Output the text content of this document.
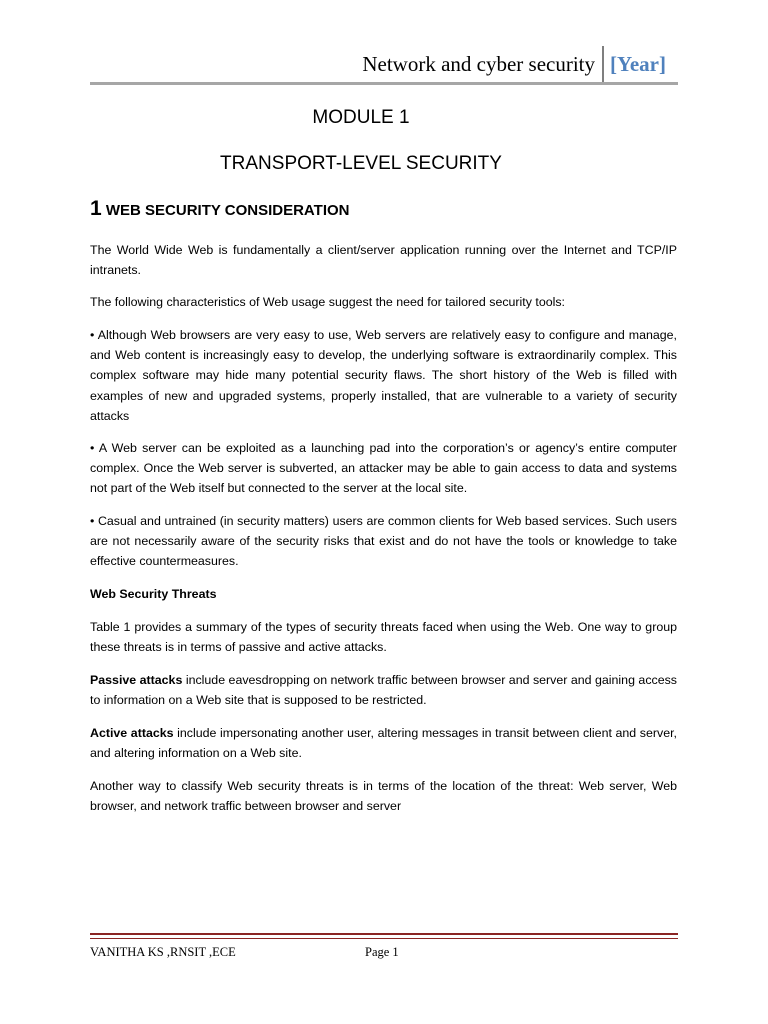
Network and cyber security [Year]
MODULE 1
TRANSPORT-LEVEL SECURITY
1 WEB SECURITY CONSIDERATION

The World Wide Web is fundamentally a client/server application running over the Internet and TCP/IP intranets.

The following characteristics of Web usage suggest the need for tailored security tools:

• Although Web browsers are very easy to use, Web servers are relatively easy to configure and manage, and Web content is increasingly easy to develop, the underlying software is extraordinarily complex. This complex software may hide many potential security flaws. The short history of the Web is filled with examples of new and upgraded systems, properly installed, that are vulnerable to a variety of security attacks

• A Web server can be exploited as a launching pad into the corporation’s or agency’s entire computer complex. Once the Web server is subverted, an attacker may be able to gain access to data and systems not part of the Web itself but connected to the server at the local site.

• Casual and untrained (in security matters) users are common clients for Web based services. Such users are not necessarily aware of the security risks that exist and do not have the tools or knowledge to take effective countermeasures.

Web Security Threats

Table 1 provides a summary of the types of security threats faced when using the Web. One way to group these threats is in terms of passive and active attacks.

Passive attacks include eavesdropping on network traffic between browser and server and gaining access to information on a Web site that is supposed to be restricted.

Active attacks include impersonating another user, altering messages in transit between client and server, and altering information on a Web site.

Another way to classify Web security threats is in terms of the location of the threat: Web server, Web browser, and network traffic between browser and server

VANITHA KS ,RNSIT ,ECE	Page 1
